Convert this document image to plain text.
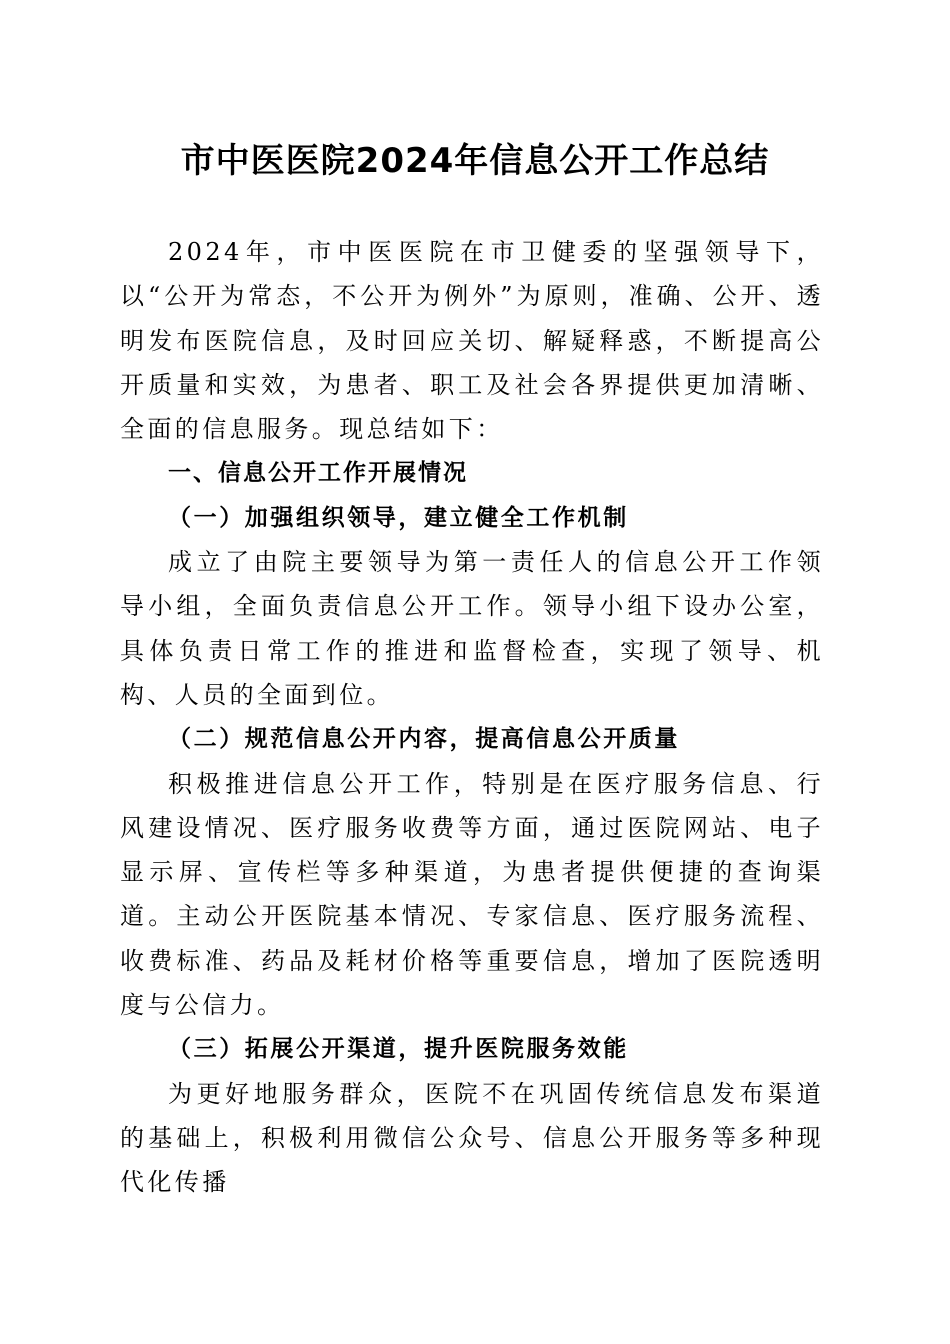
市中医医院2024年信息公开工作总结

2024年，市中医医院在市卫健委的坚强领导下，以“公开为常态，不公开为例外”为原则，准确、公开、透明发布医院信息，及时回应关切、解疑释惑，不断提高公开质量和实效，为患者、职工及社会各界提供更加清晰、全面的信息服务。现总结如下：

一、信息公开工作开展情况

（一）加强组织领导，建立健全工作机制

成立了由院主要领导为第一责任人的信息公开工作领导小组，全面负责信息公开工作。领导小组下设办公室，具体负责日常工作的推进和监督检查，实现了领导、机构、人员的全面到位。

（二）规范信息公开内容，提高信息公开质量

积极推进信息公开工作，特别是在医疗服务信息、行风建设情况、医疗服务收费等方面，通过医院网站、电子显示屏、宣传栏等多种渠道，为患者提供便捷的查询渠道。主动公开医院基本情况、专家信息、医疗服务流程、收费标准、药品及耗材价格等重要信息，增加了医院透明度与公信力。

（三）拓展公开渠道，提升医院服务效能

为更好地服务群众，医院不在巩固传统信息发布渠道的基础上，积极利用微信公众号、信息公开服务等多种现代化传播
